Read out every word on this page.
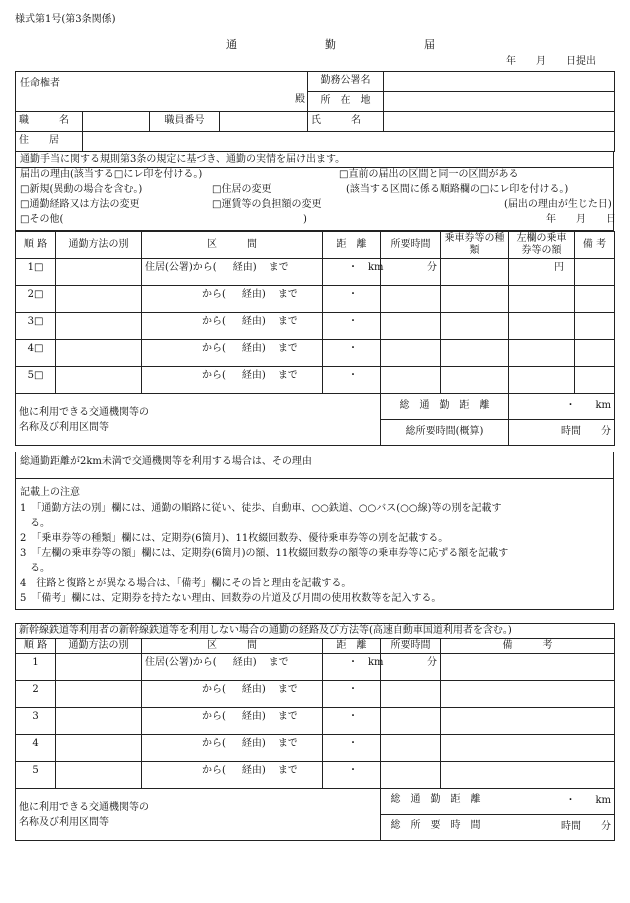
様式第1号(第3条関係)
通　　　　　　　　勤　　　　　　　　届
年　　月　　日提出
任命権者
殿				勤務公署名	
				所　在　地	
職　　　名		職員番号		氏　　　名	
住　　居					
通勤手当に関する規則第3条の規定に基づき、通勤の実情を届け出ます。
届出の理由(該当する□にレ印を付ける。)
□新規(異動の場合を含む。)	□住居の変更
□通勤経路又は方法の変更	□運賃等の負担額の変更
□その他(	)
□直前の届出の区間と同一の区間がある
(該当する区間に係る順路欄の□にレ印を付ける。)
(届出の理由が生じた日)
年　　月　　日
順 路	通勤方法の別	区　　　間	距　離	所要時間	乗車券等の種類	左欄の乗車券等の額	備 考
1□		住居(公署)から( 経由) まで	・ km	分		円	
2□		から( 経由) まで	・				
3□		から( 経由) まで	・				
4□		から( 経由) まで	・				
5□		から( 経由) まで	・				

他に利用できる交通機関等の名称及び利用区間等				総　通　勤　距　離		・　　km	
				総所要時間(概算)		時間　　分	
総通勤距離が2km未満で交通機関等を利用する場合は、その理由
記載上の注意
1　「通勤方法の別」欄には、通勤の順路に従い、徒歩、自動車、○○鉄道、○○バス(○○線)等の別を記載す
　る。
2　「乗車券等の種類」欄には、定期券(6箇月)、11枚綴回数券、優待乗車券等の別を記載する。
3　「左欄の乗車券等の額」欄には、定期券(6箇月)の額、11枚綴回数券の額等の乗車券等に応ずる額を記載す
　る。
4　往路と復路とが異なる場合は、「備考」欄にその旨と理由を記載する。
5　「備考」欄には、定期券を持たない理由、回数券の片道及び月間の使用枚数等を記入する。
新幹線鉄道等利用者の新幹線鉄道等を利用しない場合の通勤の経路及び方法等(高速自動車国道利用者を含む。)					
順 路	通勤方法の別	区　　　間	距　離	所要時間	備　　　考
1		住居(公署)から( 経由) まで	・ km	分	
2		から( 経由) まで	・		
3		から( 経由) まで	・		
4		から( 経由) まで	・		
5		から( 経由) まで	・		

他に利用できる交通機関等の名称及び利用区間等					総　通　勤　距　離 ・　　km

					総　所　要　時　間 時間　　分
